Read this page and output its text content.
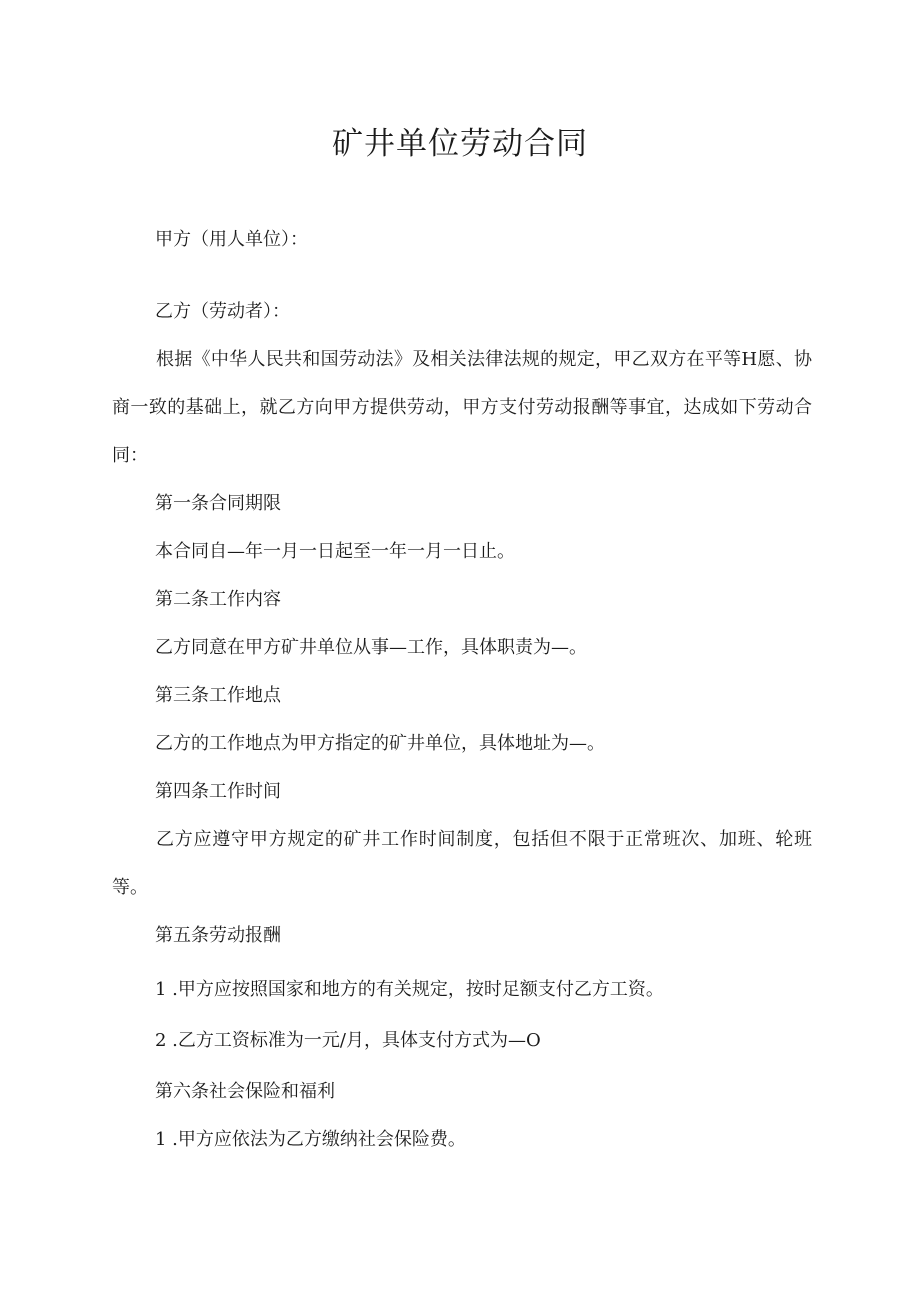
矿井单位劳动合同

甲方（用人单位）：

乙方（劳动者）：

根据《中华人民共和国劳动法》及相关法律法规的规定，甲乙双方在平等H愿、协商一致的基础上，就乙方向甲方提供劳动，甲方支付劳动报酬等事宜，达成如下劳动合同：

第一条合同期限

本合同自—年一月一日起至一年一月一日止。

第二条工作内容

乙方同意在甲方矿井单位从事—工作，具体职责为—。

第三条工作地点

乙方的工作地点为甲方指定的矿井单位，具体地址为—。

第四条工作时间

乙方应遵守甲方规定的矿井工作时间制度，包括但不限于正常班次、加班、轮班等。

第五条劳动报酬

1 .甲方应按照国家和地方的有关规定，按时足额支付乙方工资。

2 .乙方工资标准为一元/月，具体支付方式为—O

第六条社会保险和福利

1 .甲方应依法为乙方缴纳社会保险费。
